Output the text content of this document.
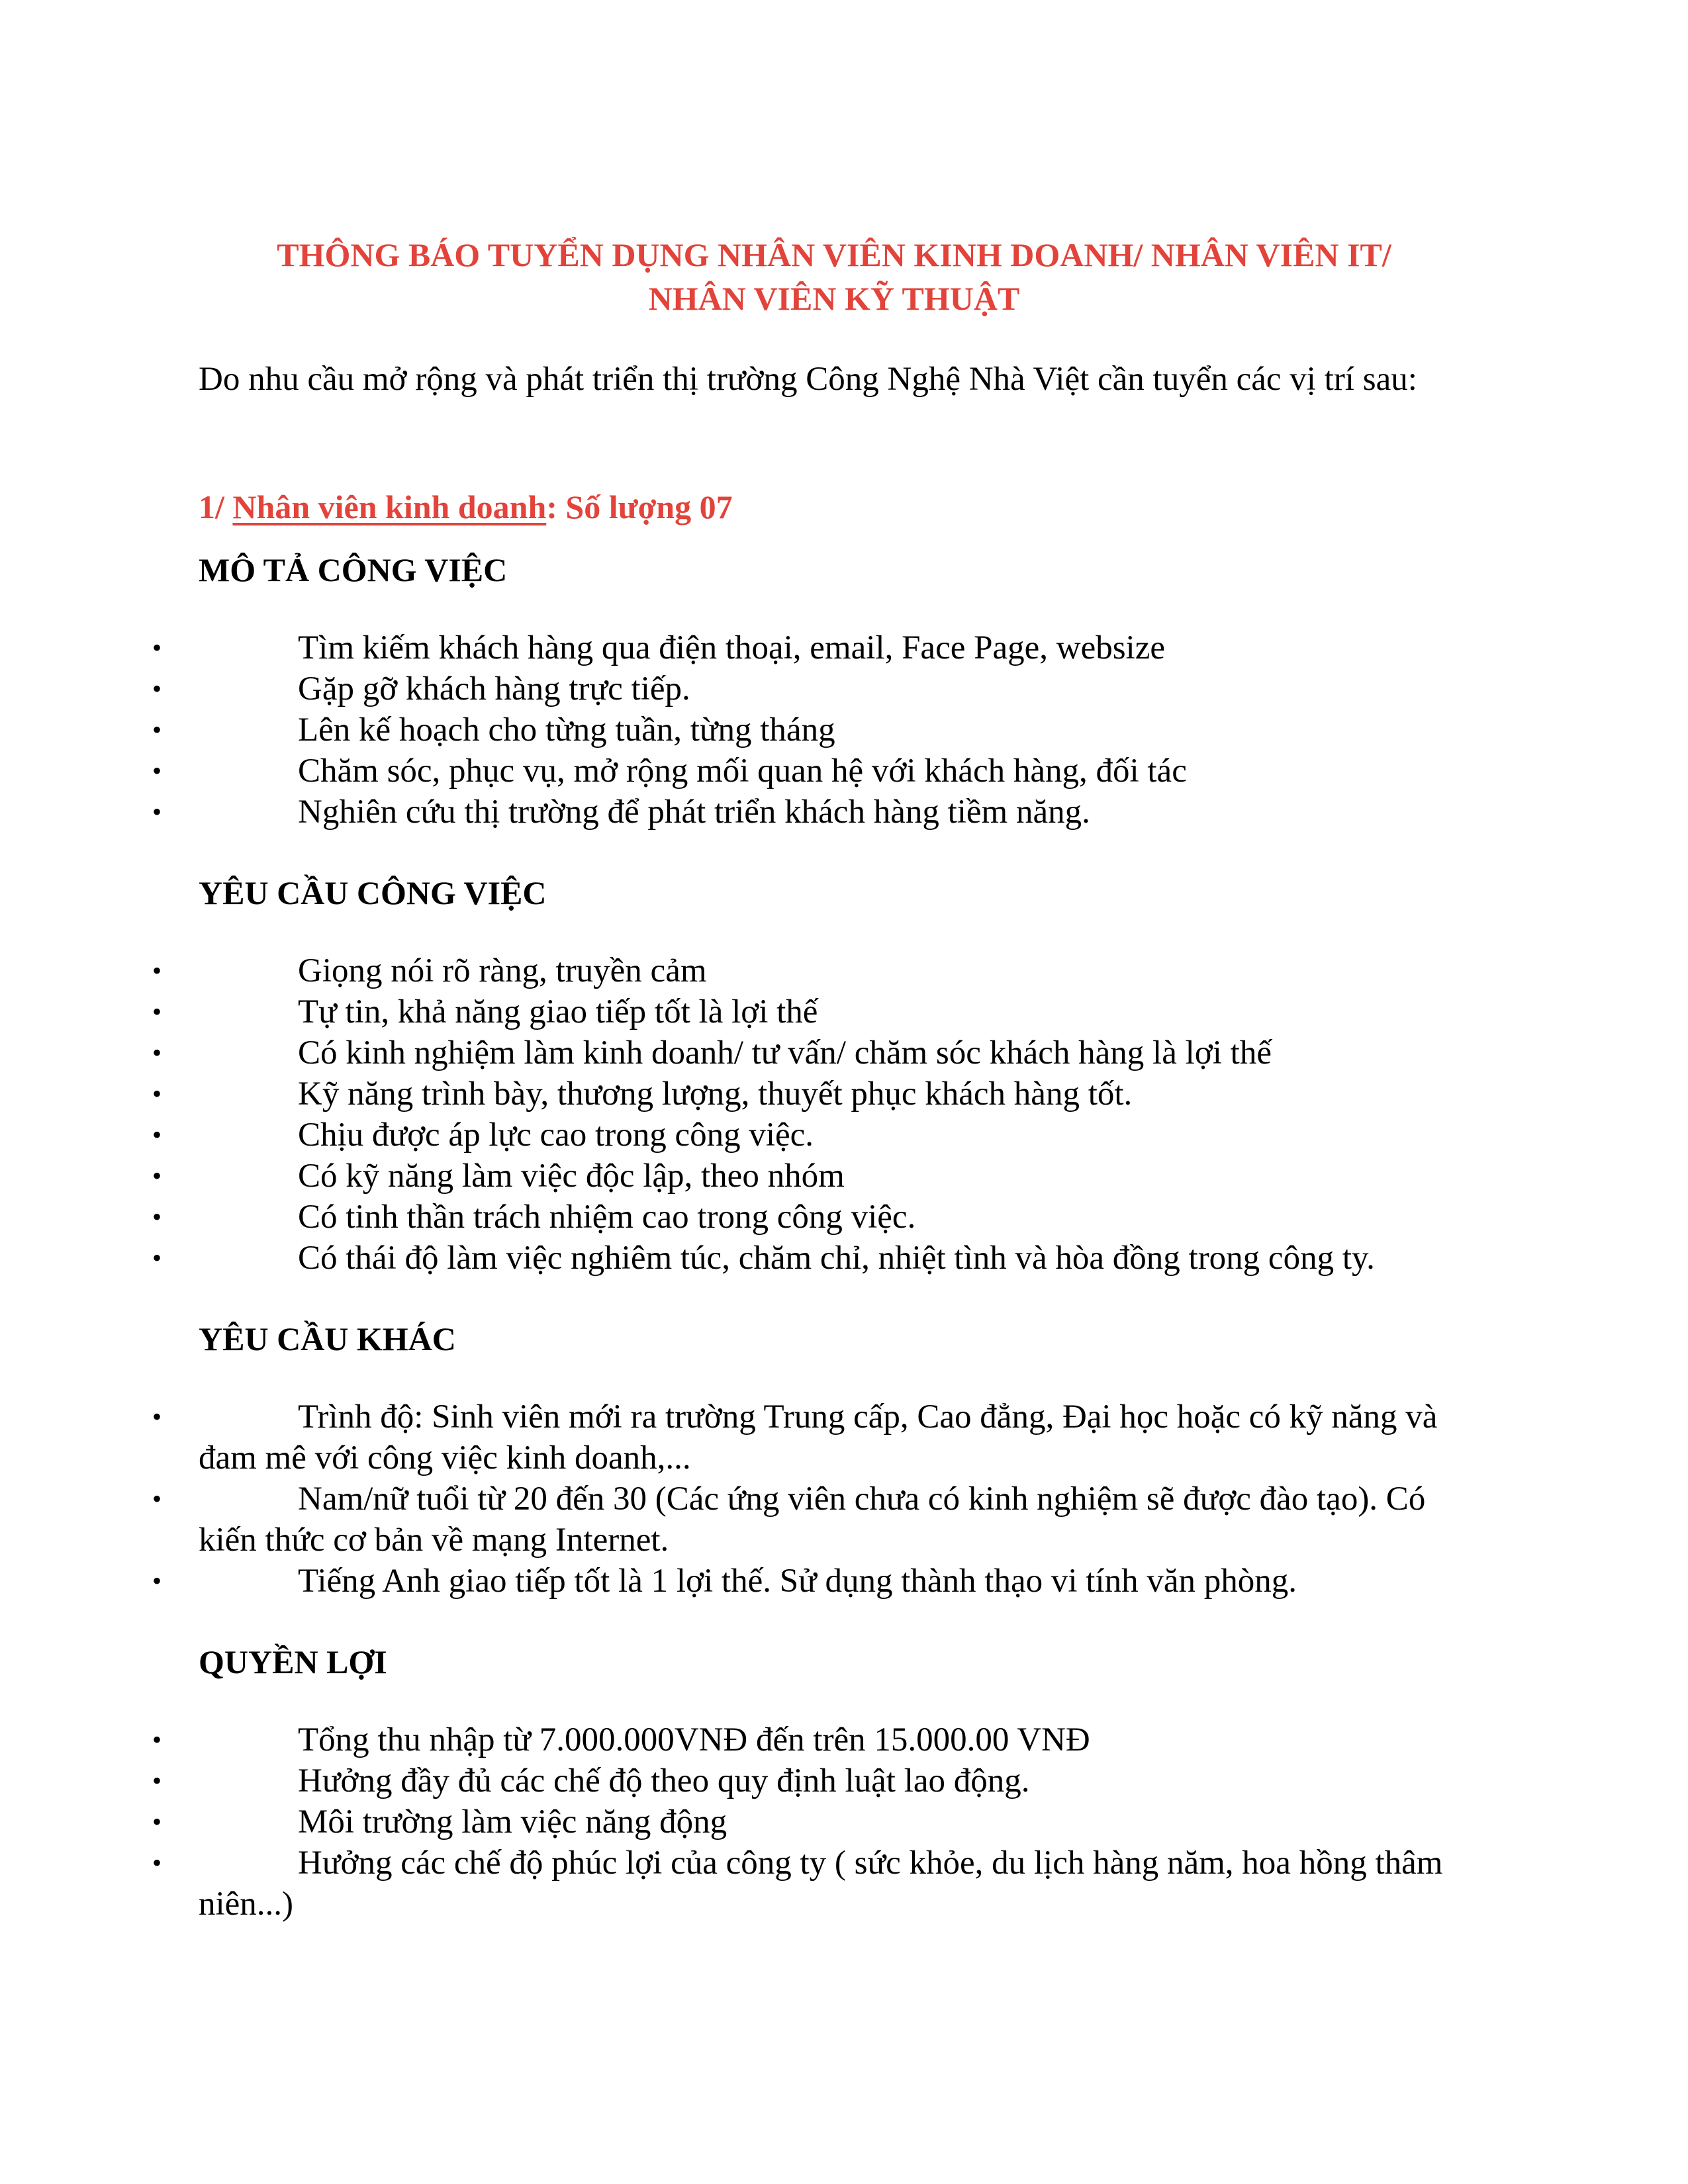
THÔNG BÁO TUYỂN DỤNG NHÂN VIÊN KINH DOANH/ NHÂN VIÊN IT/
NHÂN VIÊN KỸ THUẬT
Do nhu cầu mở rộng và phát triển thị trường Công Nghệ Nhà Việt cần tuyển các vị trí sau:
1/ Nhân viên kinh doanh: Số lượng 07
MÔ TẢ CÔNG VIỆC
•	Tìm kiếm khách hàng qua điện thoại, email, Face Page, websize
•	Gặp gỡ khách hàng trực tiếp.
•	Lên kế hoạch cho từng tuần, từng tháng
•	Chăm sóc, phục vụ, mở rộng mối quan hệ với khách hàng, đối tác
•	Nghiên cứu thị trường để phát triển khách hàng tiềm năng.
YÊU CẦU CÔNG VIỆC
•	Giọng nói rõ ràng, truyền cảm
•	Tự tin, khả năng giao tiếp tốt là lợi thế
•	Có kinh nghiệm làm kinh doanh/ tư vấn/ chăm sóc khách hàng là lợi thế
•	Kỹ năng trình bày, thương lượng, thuyết phục khách hàng tốt.
•	Chịu được áp lực cao trong công việc.
•	Có kỹ năng làm việc độc lập, theo nhóm
•	Có tinh thần trách nhiệm cao trong công việc.
•	Có thái độ làm việc nghiêm túc, chăm chỉ, nhiệt tình và hòa đồng trong công ty.
YÊU CẦU KHÁC
•	Trình độ: Sinh viên mới ra trường Trung cấp, Cao đẳng, Đại học hoặc có kỹ năng và đam mê với công việc kinh doanh,...
•	Nam/nữ tuổi từ 20 đến 30 (Các ứng viên chưa có kinh nghiệm sẽ được đào tạo). Có kiến thức cơ bản về mạng Internet.
•	Tiếng Anh giao tiếp tốt là 1 lợi thế. Sử dụng thành thạo vi tính văn phòng.
QUYỀN LỢI
•	Tổng thu nhập từ 7.000.000VNĐ đến trên 15.000.00 VNĐ
•	Hưởng đầy đủ các chế độ theo quy định luật lao động.
•	Môi trường làm việc năng động
•	Hưởng các chế độ phúc lợi của công ty ( sức khỏe, du lịch hàng năm, hoa hồng thâm niên...)
